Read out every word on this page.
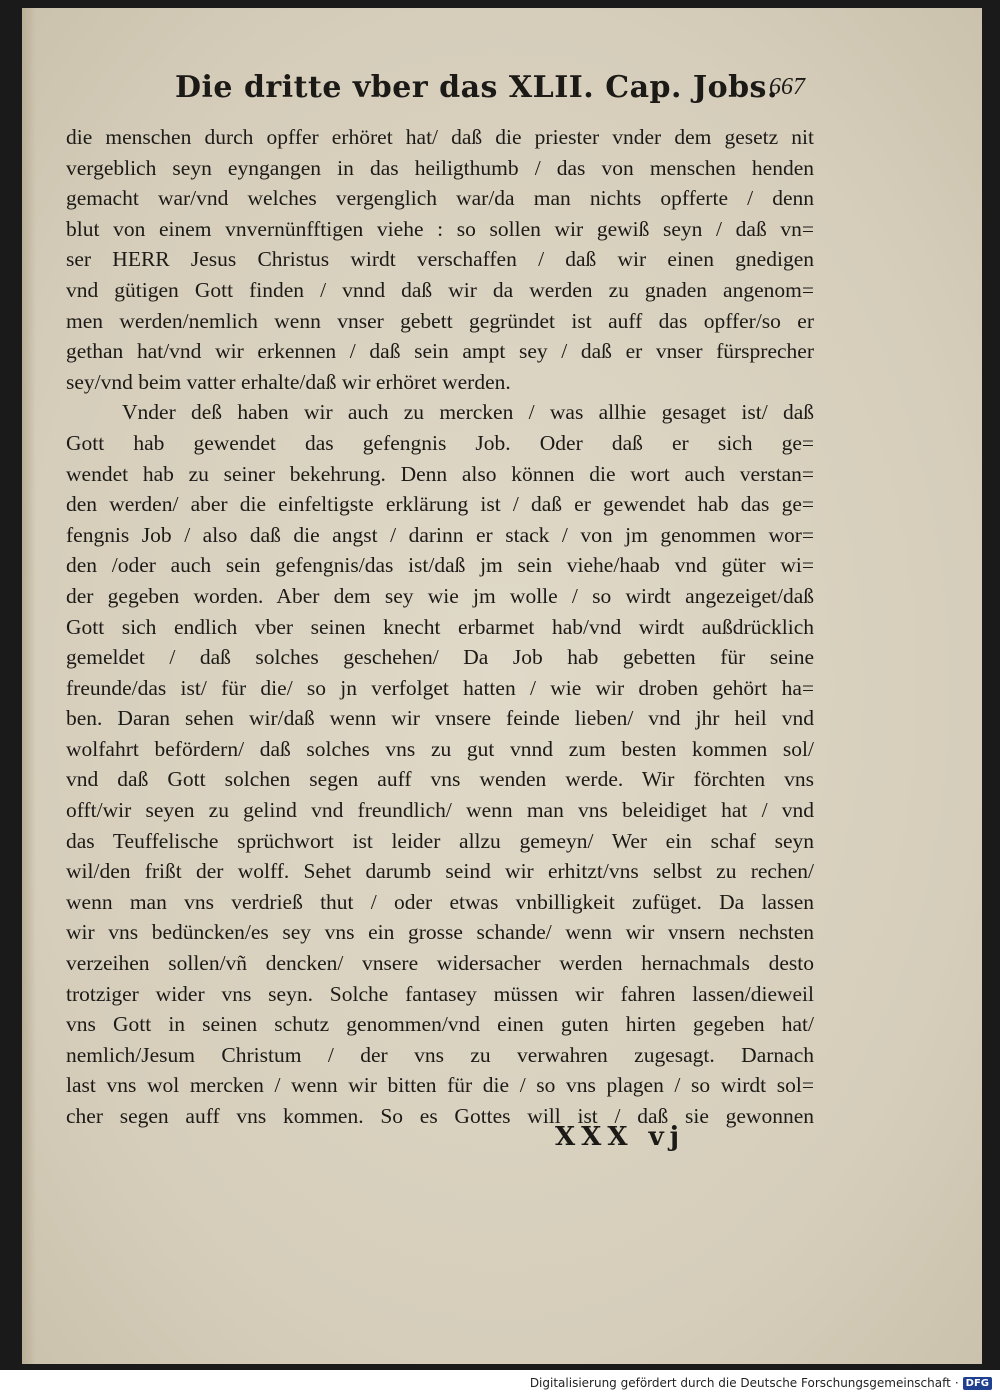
Die dritte vber das XLII. Cap. Jobs.
667
die menschen durch opffer erhöret hat/ daß die priester vnder dem gesetz nit
vergeblich seyn eyngangen in das heiligthumb / das von menschen henden
gemacht war/vnd welches vergenglich war/da man nichts opfferte / denn
blut von einem vnvernünfftigen viehe : so sollen wir gewiß seyn / daß vn=
ser HERR Jesus Christus wirdt verschaffen / daß wir einen gnedigen
vnd gütigen Gott finden / vnnd daß wir da werden zu gnaden angenom=
men werden/nemlich wenn vnser gebett gegründet ist auff das opffer/so er
gethan hat/vnd wir erkennen / daß sein ampt sey / daß er vnser fürsprecher
sey/vnd beim vatter erhalte/daß wir erhöret werden.
Vnder deß haben wir auch zu mercken / was allhie gesaget ist/ daß
Gott hab gewendet das gefengnis Job. Oder daß er sich ge=
wendet hab zu seiner bekehrung. Denn also können die wort auch verstan=
den werden/ aber die einfeltigste erklärung ist / daß er gewendet hab das ge=
fengnis Job / also daß die angst / darinn er stack / von jm genommen wor=
den /oder auch sein gefengnis/das ist/daß jm sein viehe/haab vnd güter wi=
der gegeben worden. Aber dem sey wie jm wolle / so wirdt angezeiget/daß
Gott sich endlich vber seinen knecht erbarmet hab/vnd wirdt außdrücklich
gemeldet / daß solches geschehen/ Da Job hab gebetten für seine
freunde/das ist/ für die/ so jn verfolget hatten / wie wir droben gehört ha=
ben. Daran sehen wir/daß wenn wir vnsere feinde lieben/ vnd jhr heil vnd
wolfahrt befördern/ daß solches vns zu gut vnnd zum besten kommen sol/
vnd daß Gott solchen segen auff vns wenden werde. Wir förchten vns
offt/wir seyen zu gelind vnd freundlich/ wenn man vns beleidiget hat / vnd
das Teuffelische sprüchwort ist leider allzu gemeyn/ Wer ein schaf seyn
wil/den frißt der wolff. Sehet darumb seind wir erhitzt/vns selbst zu rechen/
wenn man vns verdrieß thut / oder etwas vnbilligkeit zufüget. Da lassen
wir vns bedüncken/es sey vns ein grosse schande/ wenn wir vnsern nechsten
verzeihen sollen/vñ dencken/ vnsere widersacher werden hernachmals desto
trotziger wider vns seyn. Solche fantasey müssen wir fahren lassen/dieweil
vns Gott in seinen schutz genommen/vnd einen guten hirten gegeben hat/
nemlich/Jesum Christum / der vns zu verwahren zugesagt. Darnach
last vns wol mercken / wenn wir bitten für die / so vns plagen / so wirdt sol=
cher segen auff vns kommen. So es Gottes will ist / daß sie gewonnen
XXX vj
Digitalisierung gefördert durch die Deutsche Forschungsgemeinschaft · DFG
